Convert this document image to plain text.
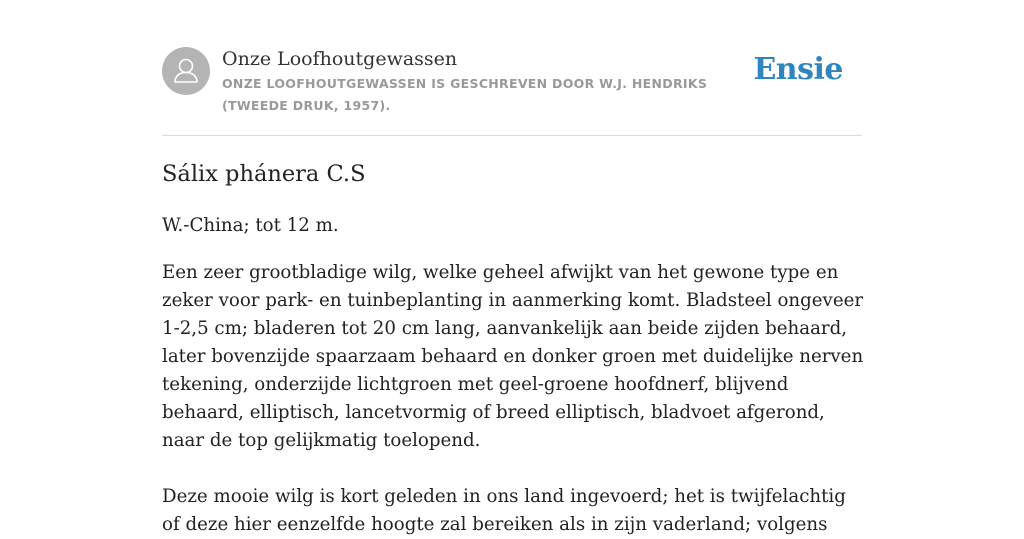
Onze Loofhoutgewassen
ONZE LOOFHOUTGEWASSEN IS GESCHREVEN DOOR W.J. HENDRIKS (TWEEDE DRUK, 1957).
Ensie
Sálix phánera C.S

W.-China; tot 12 m.

Een zeer grootbladige wilg, welke geheel afwijkt van het gewone type en zeker voor park- en tuinbeplanting in aanmerking komt. Bladsteel ongeveer 1-2,5 cm; bladeren tot 20 cm lang, aanvankelijk aan beide zijden behaard, later bovenzijde spaarzaam behaard en donker groen met duidelijke nerven tekening, onderzijde lichtgroen met geel-groene hoofdnerf, blijvend behaard, elliptisch, lancetvormig of breed elliptisch, bladvoet afgerond, naar de top gelijkmatig toelopend.

Deze mooie wilg is kort geleden in ons land ingevoerd; het is twijfelachtig of deze hier eenzelfde hoogte zal bereiken als in zijn vaderland; volgens
